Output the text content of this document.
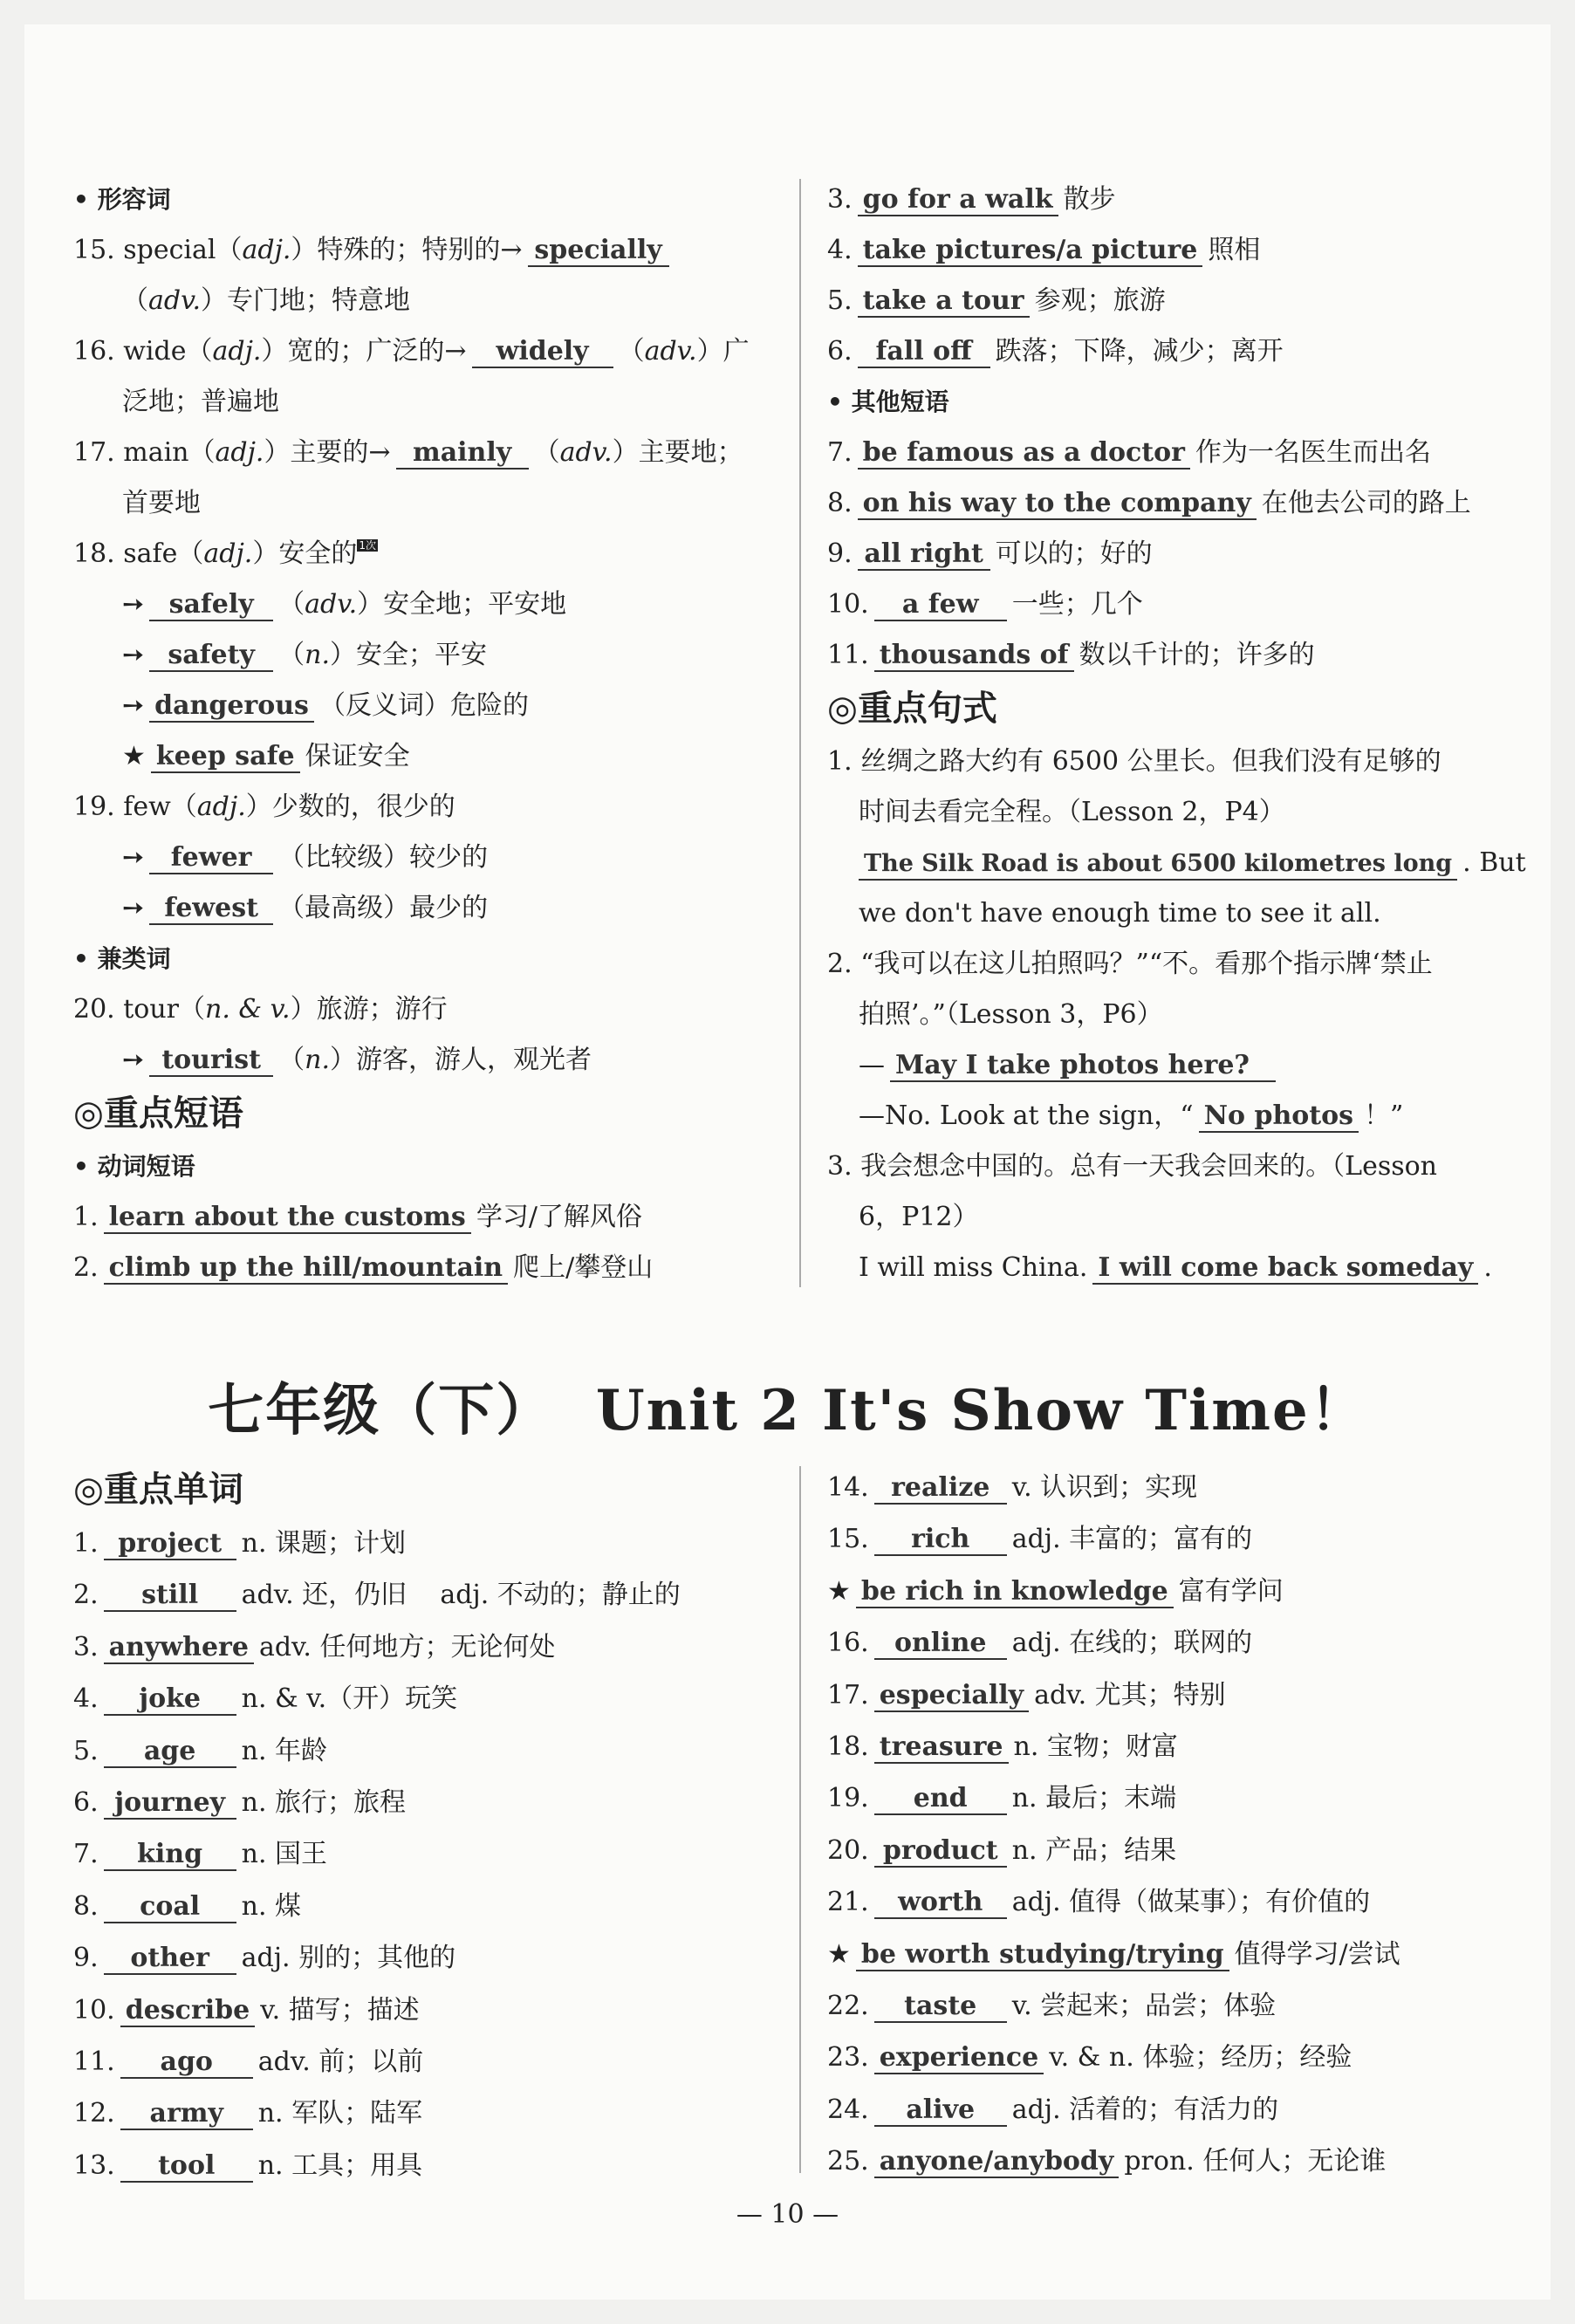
• 形容词
15. special（adj.）特殊的；特别的→ specially
（adv.）专门地；特意地
16. wide（adj.）宽的；广泛的→ widely （adv.）广
泛地；普遍地
17. main（adj.）主要的→ mainly （adv.）主要地；
首要地
18. safe（adj.）安全的 1次
➙ safely （adv.）安全地；平安地
➙ safety （n.）安全；平安
➙ dangerous （反义词）危险的
★ keep safe 保证安全
19. few（adj.）少数的，很少的
➙ fewer （比较级）较少的
➙ fewest （最高级）最少的
• 兼类词
20. tour（n. & v.）旅游；游行
➙ tourist （n.）游客，游人，观光者
◎重点短语
• 动词短语
1. learn about the customs 学习/了解风俗
2. climb up the hill/mountain 爬上/攀登山
3. go for a walk 散步
4. take pictures/a picture 照相
5. take a tour 参观；旅游
6. fall off 跌落；下降，减少；离开
• 其他短语
7. be famous as a doctor 作为一名医生而出名
8. on his way to the company 在他去公司的路上
9. all right 可以的；好的
10. a few 一些；几个
11. thousands of 数以千计的；许多的
◎重点句式
1. 丝绸之路大约有 6500 公里长。但我们没有足够的
时间去看完全程。（Lesson 2，P4）
The Silk Road is about 6500 kilometres long . But
we don't have enough time to see it all.
2. “我可以在这儿拍照吗？”“不。看那个指示牌‘禁止
拍照’。”（Lesson 3，P6）
— May I take photos here?
—No. Look at the sign，“ No photos ！”
3. 我会想念中国的。总有一天我会回来的。（Lesson
6，P12）
I will miss China. I will come back someday .
七年级（下） Unit 2 It's Show Time！
◎重点单词
1. project n. 课题；计划
2. still adv. 还，仍旧    adj. 不动的；静止的
3. anywhere adv. 任何地方；无论何处
4. joke n. & v.（开）玩笑
5. age n. 年龄
6. journey n. 旅行；旅程
7. king n. 国王
8. coal n. 煤
9. other adj. 别的；其他的
10. describe v. 描写；描述
11. ago adv. 前；以前
12. army n. 军队；陆军
13. tool n. 工具；用具
14. realize v. 认识到；实现
15. rich adj. 丰富的；富有的
★ be rich in knowledge 富有学问
16. online adj. 在线的；联网的
17. especially adv. 尤其；特别
18. treasure n. 宝物；财富
19. end n. 最后；末端
20. product n. 产品；结果
21. worth adj. 值得（做某事）；有价值的
★ be worth studying/trying 值得学习/尝试
22. taste v. 尝起来；品尝；体验
23. experience v. & n. 体验；经历；经验
24. alive adj. 活着的；有活力的
25. anyone/anybody pron. 任何人；无论谁
— 10 —
